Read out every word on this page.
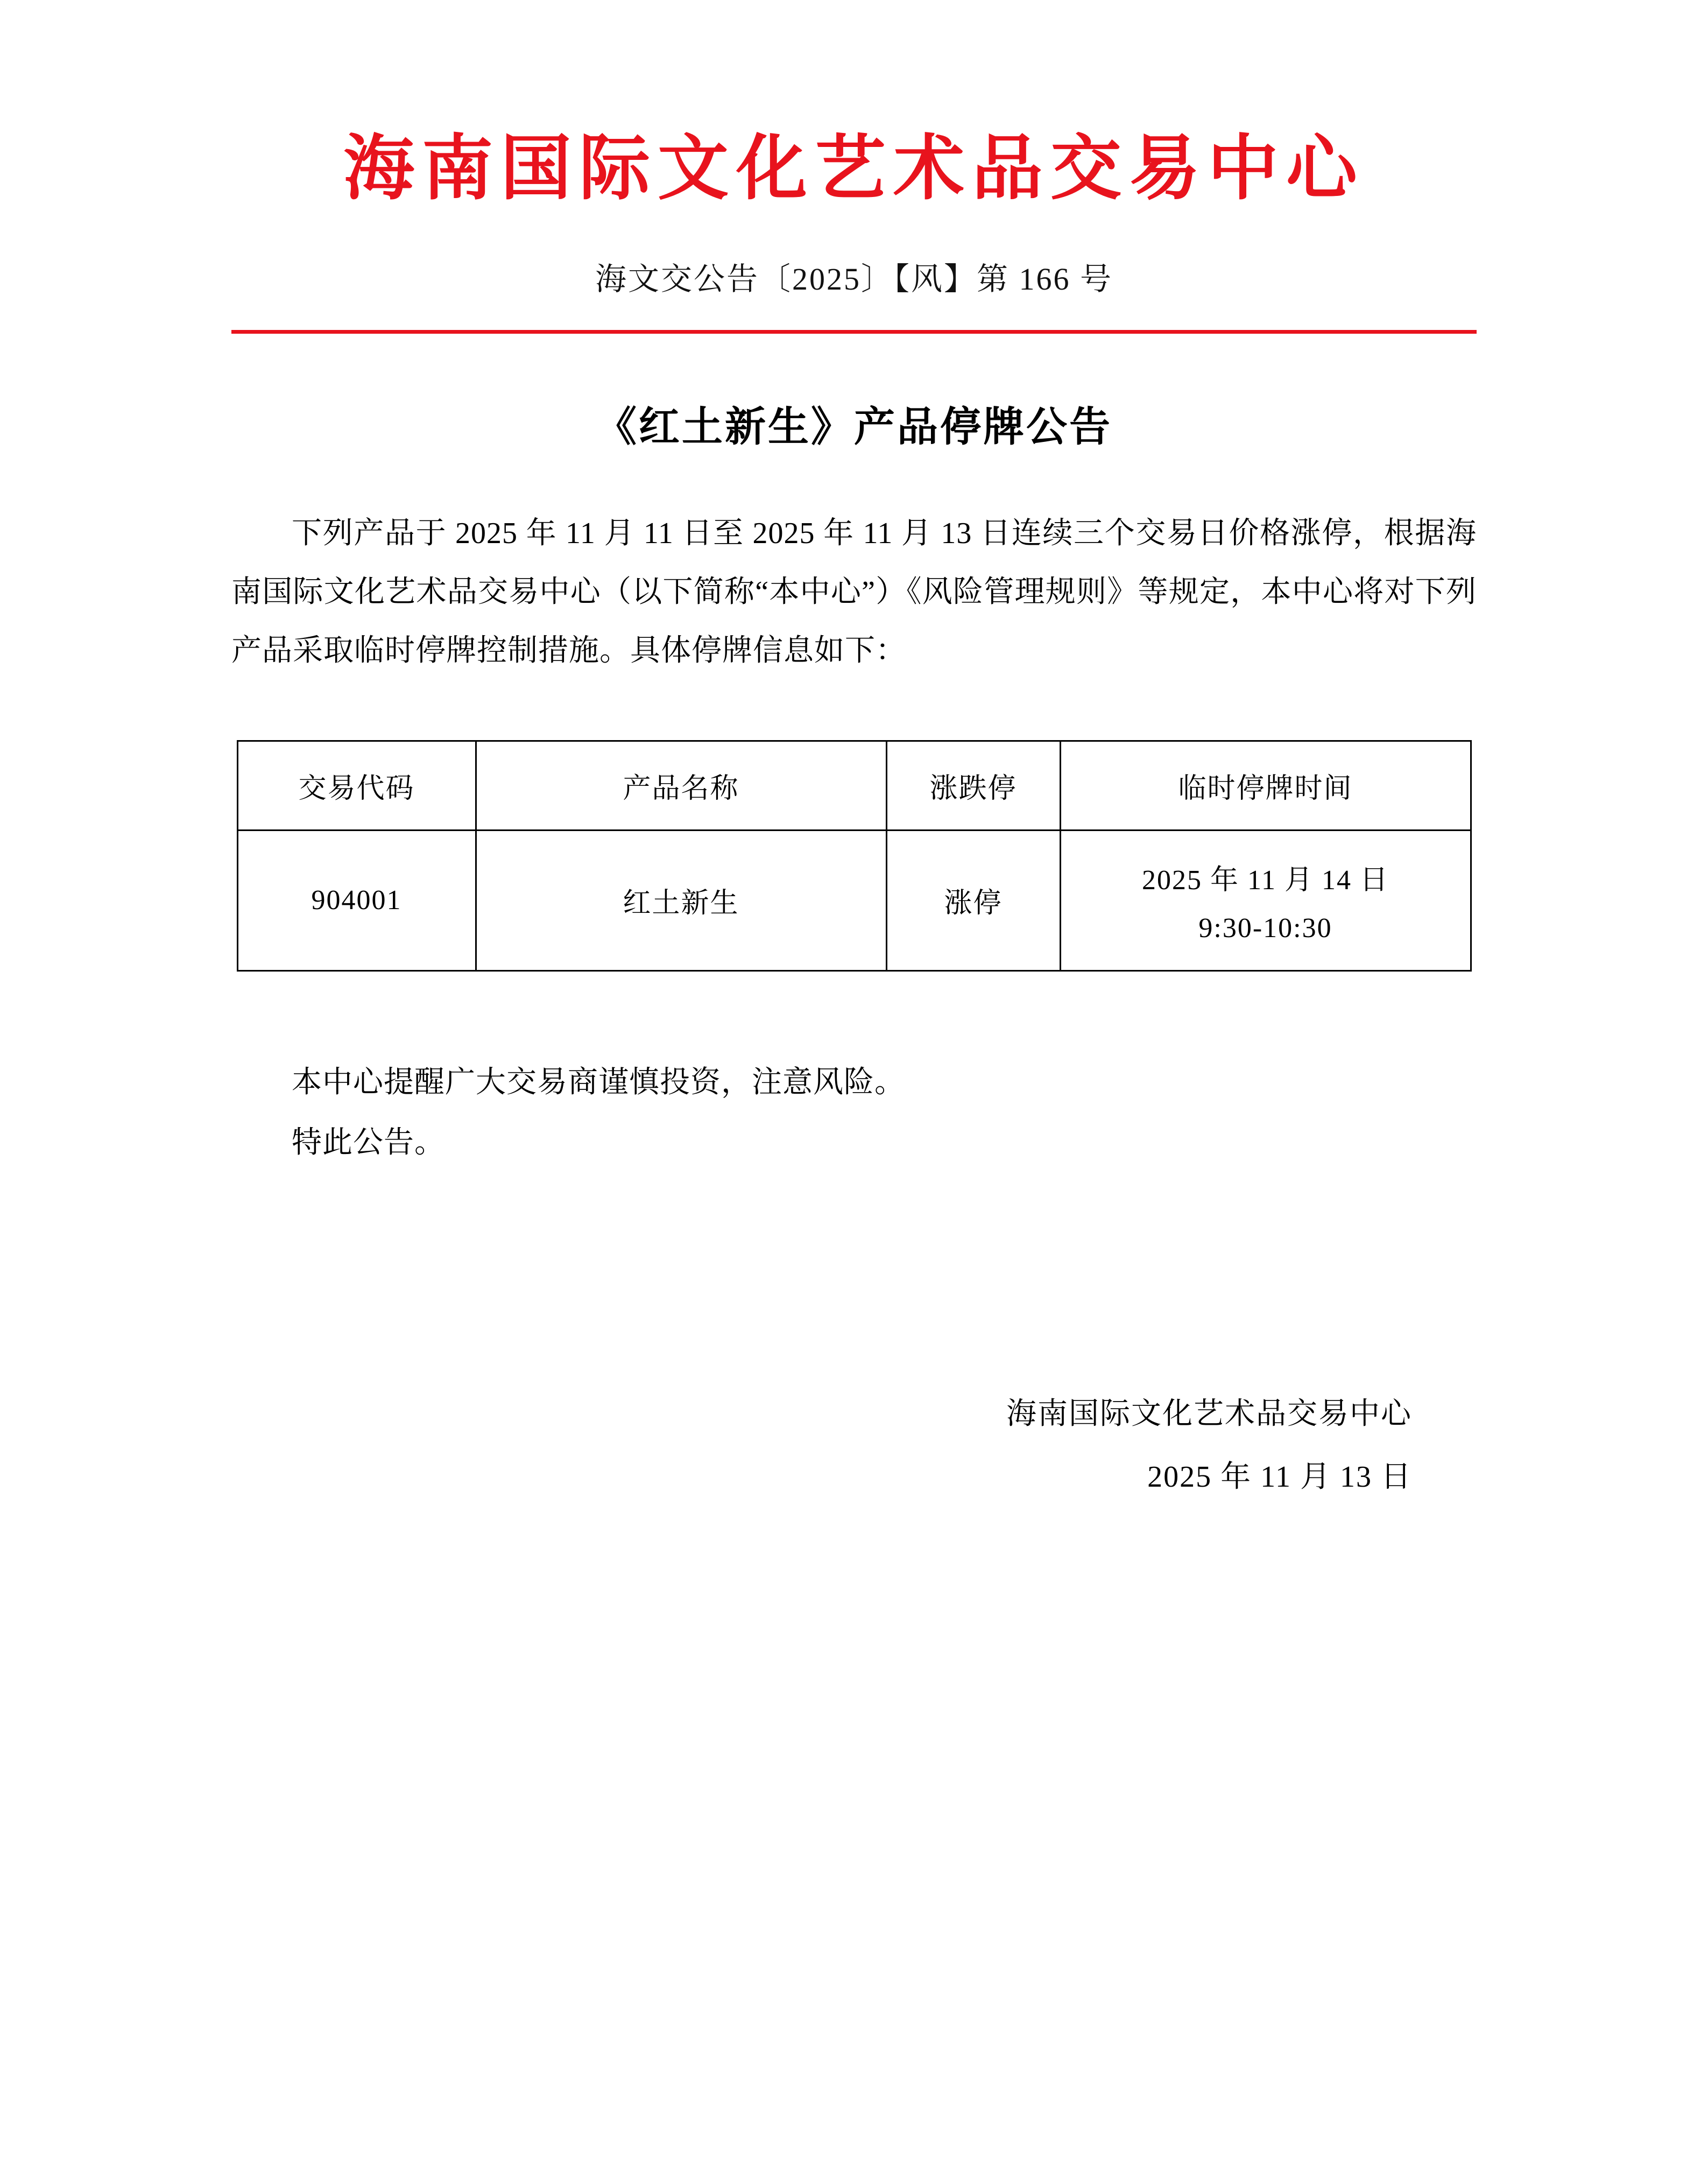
海南国际文化艺术品交易中心
海文交公告〔2025〕【风】第 166 号
《红土新生》产品停牌公告

下列产品于 2025 年 11 月 11 日至 2025 年 11 月 13 日连续三个交易日价格涨停，根据海南国际文化艺术品交易中心（以下简称“本中心”）《风险管理规则》等规定，本中心将对下列产品采取临时停牌控制措施。具体停牌信息如下：

交易代码	产品名称	涨跌停	临时停牌时间
904001	红土新生	涨停	2025 年 11 月 14 日
9:30-10:30

本中心提醒广大交易商谨慎投资，注意风险。

特此公告。

海南国际文化艺术品交易中心
2025 年 11 月 13 日
